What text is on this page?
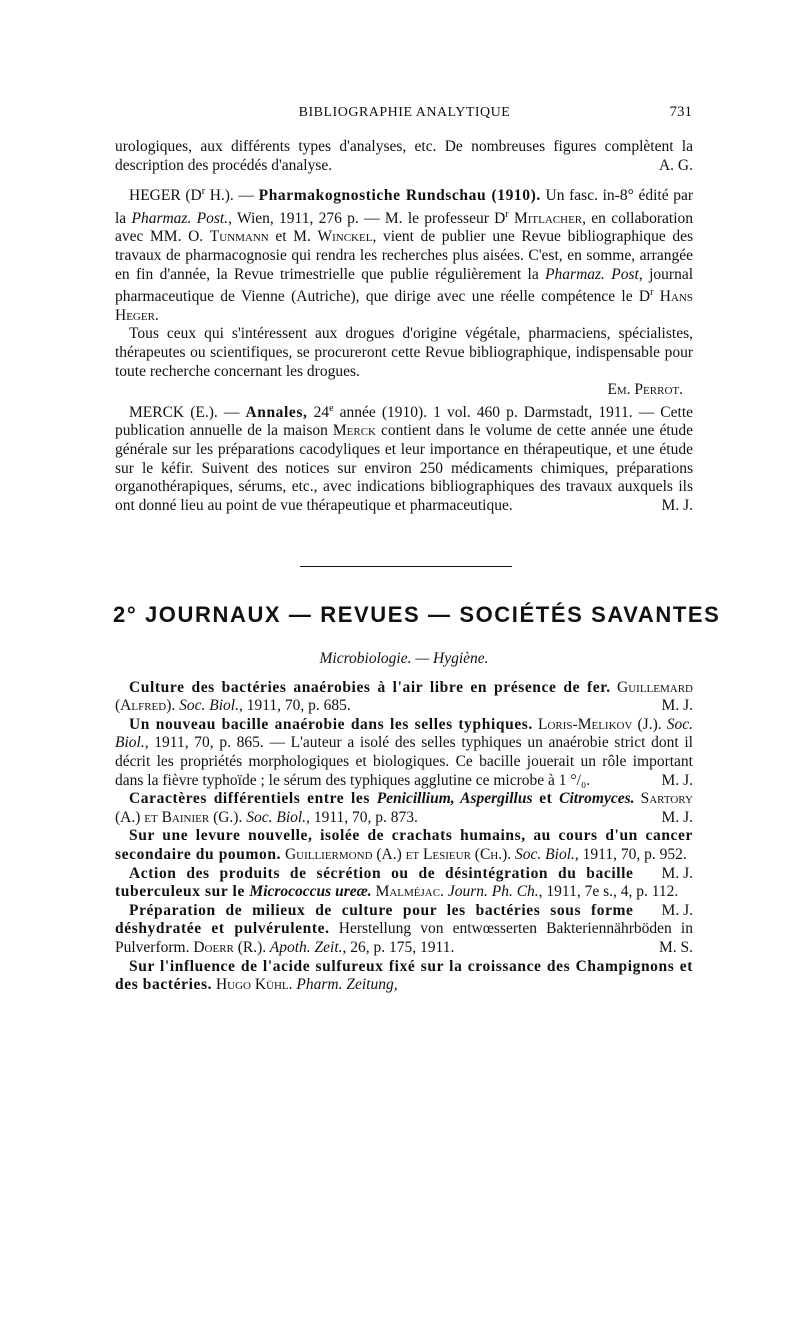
BIBLIOGRAPHIE ANALYTIQUE	731

urologiques, aux différents types d'analyses, etc. De nombreuses figures complètent la description des procédés d'analyse.	A. G.

HEGER ($D^r$ H.). — Pharmakognostiche Rundschau (1910). Un fasc. in-8° édité par la Pharmaz. Post., Wien, 1911, 276 p. — M. le professeur $D^r$ Mitlacher, en collaboration avec MM. O. Tunmann et M. Winckel, vient de publier une Revue bibliographique des travaux de pharmacognosie qui rendra les recherches plus aisées. C'est, en somme, arrangée en fin d'année, la Revue trimestrielle que publie régulièrement la Pharmaz. Post, journal pharmaceutique de Vienne (Autriche), que dirige avec une réelle compétence le $D^r$ Hans Heger.

Tous ceux qui s'intéressent aux drogues d'origine végétale, pharmaciens, spécialistes, thérapeutes ou scientifiques, se procureront cette Revue bibliographique, indispensable pour toute recherche concernant les drogues.

Em. Perrot.

MERCK (E.). — Annales, 24e année (1910). 1 vol. 460 p. Darmstadt, 1911. — Cette publication annuelle de la maison Merck contient dans le volume de cette année une étude générale sur les préparations cacodyliques et leur importance en thérapeutique, et une étude sur le kéfir. Suivent des notices sur environ 250 médicaments chimiques, préparations organothérapiques, sérums, etc., avec indications bibliographiques des travaux auxquels ils ont donné lieu au point de vue thérapeutique et pharmaceutique.	M. J.

2° JOURNAUX — REVUES — SOCIÉTÉS SAVANTES

Microbiologie. — Hygiène.

Culture des bactéries anaérobies à l'air libre en présence de fer. Guillemard (Alfred). Soc. Biol., 1911, 70, p. 685.	M. J.

Un nouveau bacille anaérobie dans les selles typhiques. Loris-Melikov (J.). Soc. Biol., 1911, 70, p. 865. — L'auteur a isolé des selles typhiques un anaérobie strict dont il décrit les propriétés morphologiques et biologiques. Ce bacille jouerait un rôle important dans la fièvre typhoïde ; le sérum des typhiques agglutine ce microbe à 1 °/₀.	M. J.

Caractères différentiels entre les Penicillium, Aspergillus et Citromyces. Sartory (A.) et Bainier (G.). Soc. Biol., 1911, 70, p. 873.	M. J.

Sur une levure nouvelle, isolée de crachats humains, au cours d'un cancer secondaire du poumon. Guilliermond (A.) et Lesieur (Ch.). Soc. Biol., 1911, 70, p. 952.
M. J.

Action des produits de sécrétion ou de désintégration du bacille tuberculeux sur le Micrococcus ureæ. Malméjac. Journ. Ph. Ch., 1911, 7e s., 4, p. 112.
M. J.

Préparation de milieux de culture pour les bactéries sous forme déshydratée et pulvérulente. Herstellung von entwœsserten Bakteriennährböden in Pulverform. Doerr (R.). Apoth. Zeit., 26, p. 175, 1911.	M. S.

Sur l'influence de l'acide sulfureux fixé sur la croissance des Champignons et des bactéries. Hugo Kühl. Pharm. Zeitung,
